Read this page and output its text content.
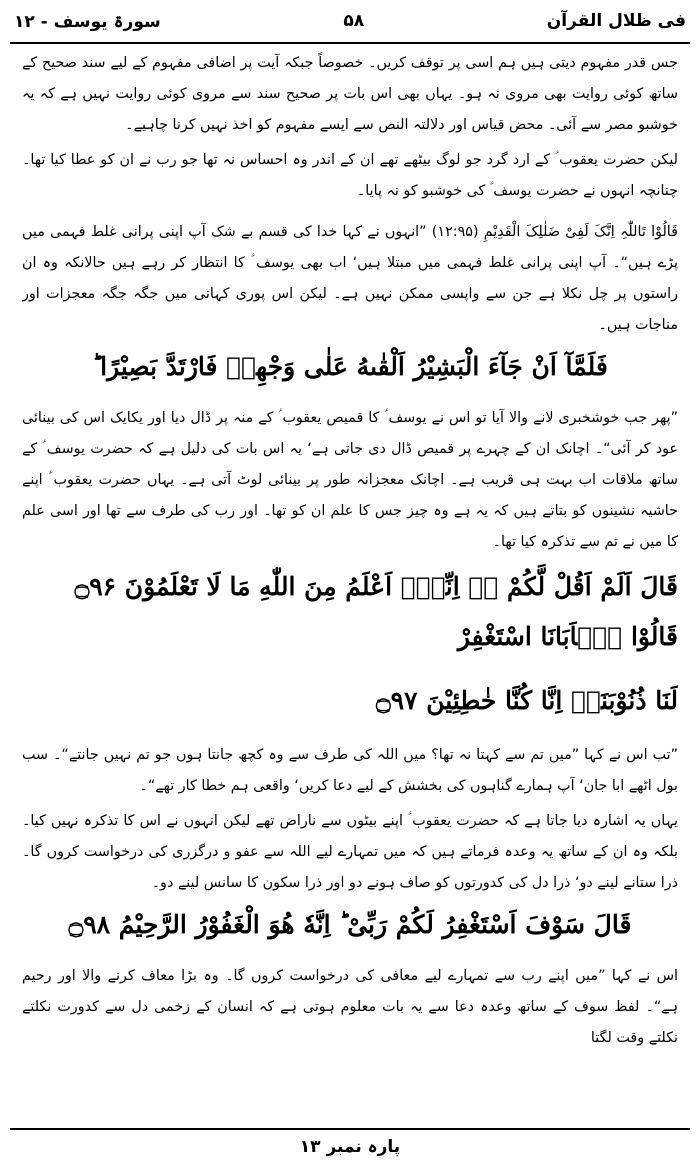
سورۃ یوسف - ۱۲	۵۸	فی ظلال القرآن

جس قدر مفہوم دیتی ہیں ہم اسی پر توقف کریں۔ خصوصاً جبکہ آیت پر اضافی مفہوم کے لیے سند صحیح کے ساتھ کوئی روایت بھی مروی نہ ہو۔ یہاں بھی اس بات پر صحیح سند سے مروی کوئی روایت نہیں ہے کہ یہ خوشبو مصر سے آئی۔ محض قیاس اور دلالتہ النص سے ایسے مفہوم کو اخذ نہیں کرنا چاہیے۔

لیکن حضرت یعقوب ؑ کے ارد گرد جو لوگ بیٹھے تھے ان کے اندر وہ احساس نہ تھا جو رب نے ان کو عطا کیا تھا۔ چنانچہ انہوں نے حضرت یوسف ؑ کی خوشبو کو نہ پایا۔

قَالُوْا تَاللّٰہِ اِنَّکَ لَفِیْ ضَلٰلِکَ الْقَدِیْمِ (۱۲:۹۵) ”انہوں نے کہا خدا کی قسم بے شک آپ اپنی پرانی غلط فہمی میں پڑے ہیں“۔ آپ اپنی پرانی غلط فہمی میں مبتلا ہیں‘ اب بھی یوسف ؑ کا انتظار کر رہے ہیں حالانکہ وہ ان راستوں پر چل نکلا ہے جن سے واپسی ممکن نہیں ہے۔ لیکن اس پوری کہانی میں جگہ جگہ معجزات اور مناجات ہیں۔

فَلَمَّآ اَنْ جَآءَ الْبَشِيْرُ اَلْقٰىهُ عَلٰى وَجْهِهٖ فَارْتَدَّ بَصِيْرًا ؕ

”پھر جب خوشخبری لانے والا آیا تو اس نے یوسف ؑ کا قمیص یعقوب ؑ کے منہ پر ڈال دیا اور یکایک اس کی بینائی عود کر آئی“۔ اچانک ان کے چہرے پر قمیص ڈال دی جاتی ہے‘ یہ اس بات کی دلیل ہے کہ حضرت یوسف ؑ کے ساتھ ملاقات اب بہت ہی قریب ہے۔ اچانک معجزانہ طور پر بینائی لوٹ آتی ہے۔ یہاں حضرت یعقوب ؑ اپنے حاشیہ نشینوں کو بتاتے ہیں کہ یہ ہے وہ چیز جس کا علم ان کو تھا۔ اور رب کی طرف سے تھا اور اسی علم کا میں نے تم سے تذکرہ کیا تھا۔

قَالَ اَلَمْ اَقُلْ لَّكُمْ ۚۙ اِنِّیْۤ اَعْلَمُ مِنَ اللّٰهِ مَا لَا تَعْلَمُوْنَ ۝۹۶ قَالُوْا يٰۤاَبَانَا اسْتَغْفِرْ
لَنَا ذُنُوْبَنَاۤ اِنَّا كُنَّا خٰطِئِيْنَ ۝۹۷

”تب اس نے کہا ”میں تم سے کہتا نہ تھا؟ میں اللہ کی طرف سے وہ کچھ جانتا ہوں جو تم نہیں جانتے“۔ سب بول اٹھے ابا جان‘ آپ ہمارے گناہوں کی بخشش کے لیے دعا کریں‘ واقعی ہم خطا کار تھے“۔

یہاں یہ اشارہ دیا جاتا ہے کہ حضرت یعقوب ؑ اپنے بیٹوں سے ناراض تھے لیکن انہوں نے اس کا تذکرہ نہیں کیا۔ بلکہ وہ ان کے ساتھ یہ وعدہ فرماتے ہیں کہ میں تمہارے لیے اللہ سے عفو و درگزری کی درخواست کروں گا۔ ذرا ستانے لینے دو‘ ذرا دل کی کدورتوں کو صاف ہونے دو اور ذرا سکون کا سانس لینے دو۔

قَالَ سَوْفَ اَسْتَغْفِرُ لَكُمْ رَبِّیْ ؕ اِنَّهٗ هُوَ الْغَفُوْرُ الرَّحِيْمُ ۝۹۸

اس نے کہا ”میں اپنے رب سے تمہارے لیے معافی کی درخواست کروں گا۔ وہ بڑا معاف کرنے والا اور رحیم ہے“۔ لفظ سوف کے ساتھ وعدہ دعا سے یہ بات معلوم ہوتی ہے کہ انسان کے زخمی دل سے کدورت نکلتے نکلتے وقت لگتا

پارہ نمبر ۱۳
